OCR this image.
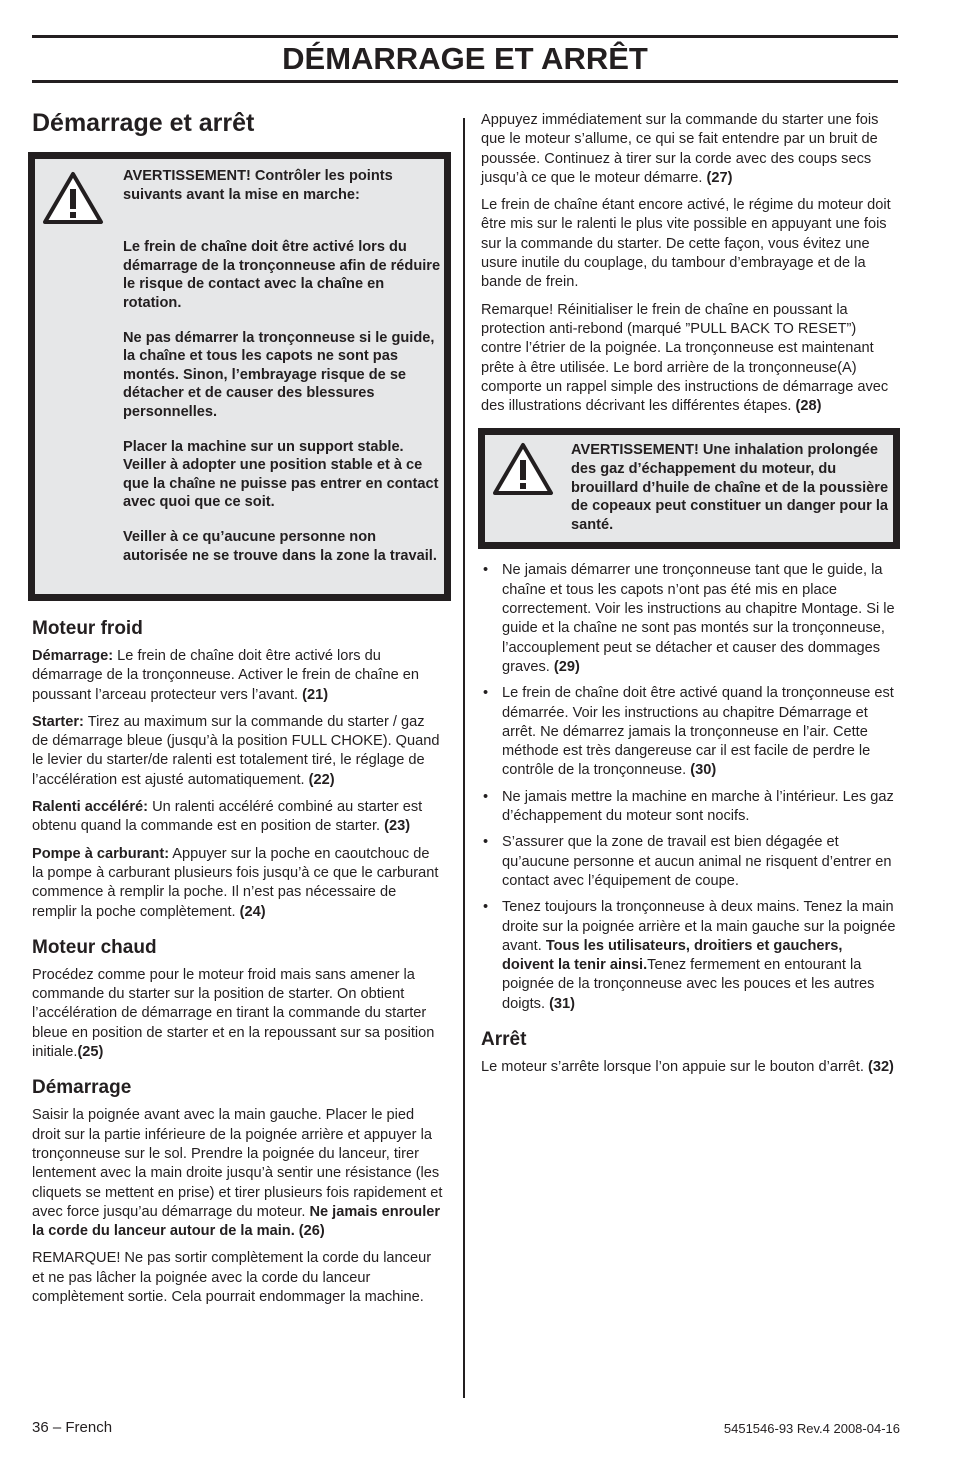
DÉMARRAGE ET ARRÊT
Démarrage et arrêt

AVERTISSEMENT! Contrôler les points suivants avant la mise en marche:

Le frein de chaîne doit être activé lors du démarrage de la tronçonneuse afin de réduire le risque de contact avec la chaîne en rotation.

Ne pas démarrer la tronçonneuse si le guide, la chaîne et tous les capots ne sont pas montés. Sinon, l’embrayage risque de se détacher et de causer des blessures personnelles.

Placer la machine sur un support stable. Veiller à adopter une position stable et à ce que la chaîne ne puisse pas entrer en contact avec quoi que ce soit.

Veiller à ce qu’aucune personne non autorisée ne se trouve dans la zone la travail.

Moteur froid

Démarrage: Le frein de chaîne doit être activé lors du démarrage de la tronçonneuse. Activer le frein de chaîne en poussant l’arceau protecteur vers l’avant. (21)

Starter: Tirez au maximum sur la commande du starter / gaz de démarrage bleue (jusqu’à la position FULL CHOKE). Quand le levier du starter/de ralenti est totalement tiré, le réglage de l’accélération est ajusté automatiquement. (22)

Ralenti accéléré: Un ralenti accéléré combiné au starter est obtenu quand la commande est en position de starter. (23)

Pompe à carburant: Appuyer sur la poche en caoutchouc de la pompe à carburant plusieurs fois jusqu’à ce que le carburant commence à remplir la poche. Il n’est pas nécessaire de remplir la poche complètement. (24)

Moteur chaud

Procédez comme pour le moteur froid mais sans amener la commande du starter sur la position de starter. On obtient l’accélération de démarrage en tirant la commande du starter bleue en position de starter et en la repoussant sur sa position initiale.(25)

Démarrage

Saisir la poignée avant avec la main gauche. Placer le pied droit sur la partie inférieure de la poignée arrière et appuyer la tronçonneuse sur le sol. Prendre la poignée du lanceur, tirer lentement avec la main droite jusqu’à sentir une résistance (les cliquets se mettent en prise) et tirer plusieurs fois rapidement et avec force jusqu’au démarrage du moteur. Ne jamais enrouler la corde du lanceur autour de la main. (26)

REMARQUE! Ne pas sortir complètement la corde du lanceur et ne pas lâcher la poignée avec la corde du lanceur complètement sortie. Cela pourrait endommager la machine.

Appuyez immédiatement sur la commande du starter une fois que le moteur s’allume, ce qui se fait entendre par un bruit de poussée. Continuez à tirer sur la corde avec des coups secs jusqu’à ce que le moteur démarre. (27)

Le frein de chaîne étant encore activé, le régime du moteur doit être mis sur le ralenti le plus vite possible en appuyant une fois sur la commande du starter. De cette façon, vous évitez une usure inutile du couplage, du tambour d’embrayage et de la bande de frein.

Remarque! Réinitialiser le frein de chaîne en poussant la protection anti-rebond (marqué ”PULL BACK TO RESET”) contre l’étrier de la poignée. La tronçonneuse est maintenant prête à être utilisée. Le bord arrière de la tronçonneuse(A) comporte un rappel simple des instructions de démarrage avec des illustrations décrivant les différentes étapes. (28)

AVERTISSEMENT! Une inhalation prolongée des gaz d’échappement du moteur, du brouillard d’huile de chaîne et de la poussière de copeaux peut constituer un danger pour la santé.
• Ne jamais démarrer une tronçonneuse tant que le guide, la chaîne et tous les capots n’ont pas été mis en place correctement. Voir les instructions au chapitre Montage. Si le guide et la chaîne ne sont pas montés sur la tronçonneuse, l’accouplement peut se détacher et causer des dommages graves. (29)
• Le frein de chaîne doit être activé quand la tronçonneuse est démarrée. Voir les instructions au chapitre Démarrage et arrêt. Ne démarrez jamais la tronçonneuse en l’air. Cette méthode est très dangereuse car il est facile de perdre le contrôle de la tronçonneuse. (30)
• Ne jamais mettre la machine en marche à l’intérieur. Les gaz d’échappement du moteur sont nocifs.
• S’assurer que la zone de travail est bien dégagée et qu’aucune personne et aucun animal ne risquent d’entrer en contact avec l’équipement de coupe.
• Tenez toujours la tronçonneuse à deux mains. Tenez la main droite sur la poignée arrière et la main gauche sur la poignée avant. Tous les utilisateurs, droitiers et gauchers, doivent la tenir ainsi.Tenez fermement en entourant la poignée de la tronçonneuse avec les pouces et les autres doigts. (31)
Arrêt

Le moteur s’arrête lorsque l’on appuie sur le bouton d’arrêt. (32)

36 – French	5451546-93 Rev.4 2008-04-16
